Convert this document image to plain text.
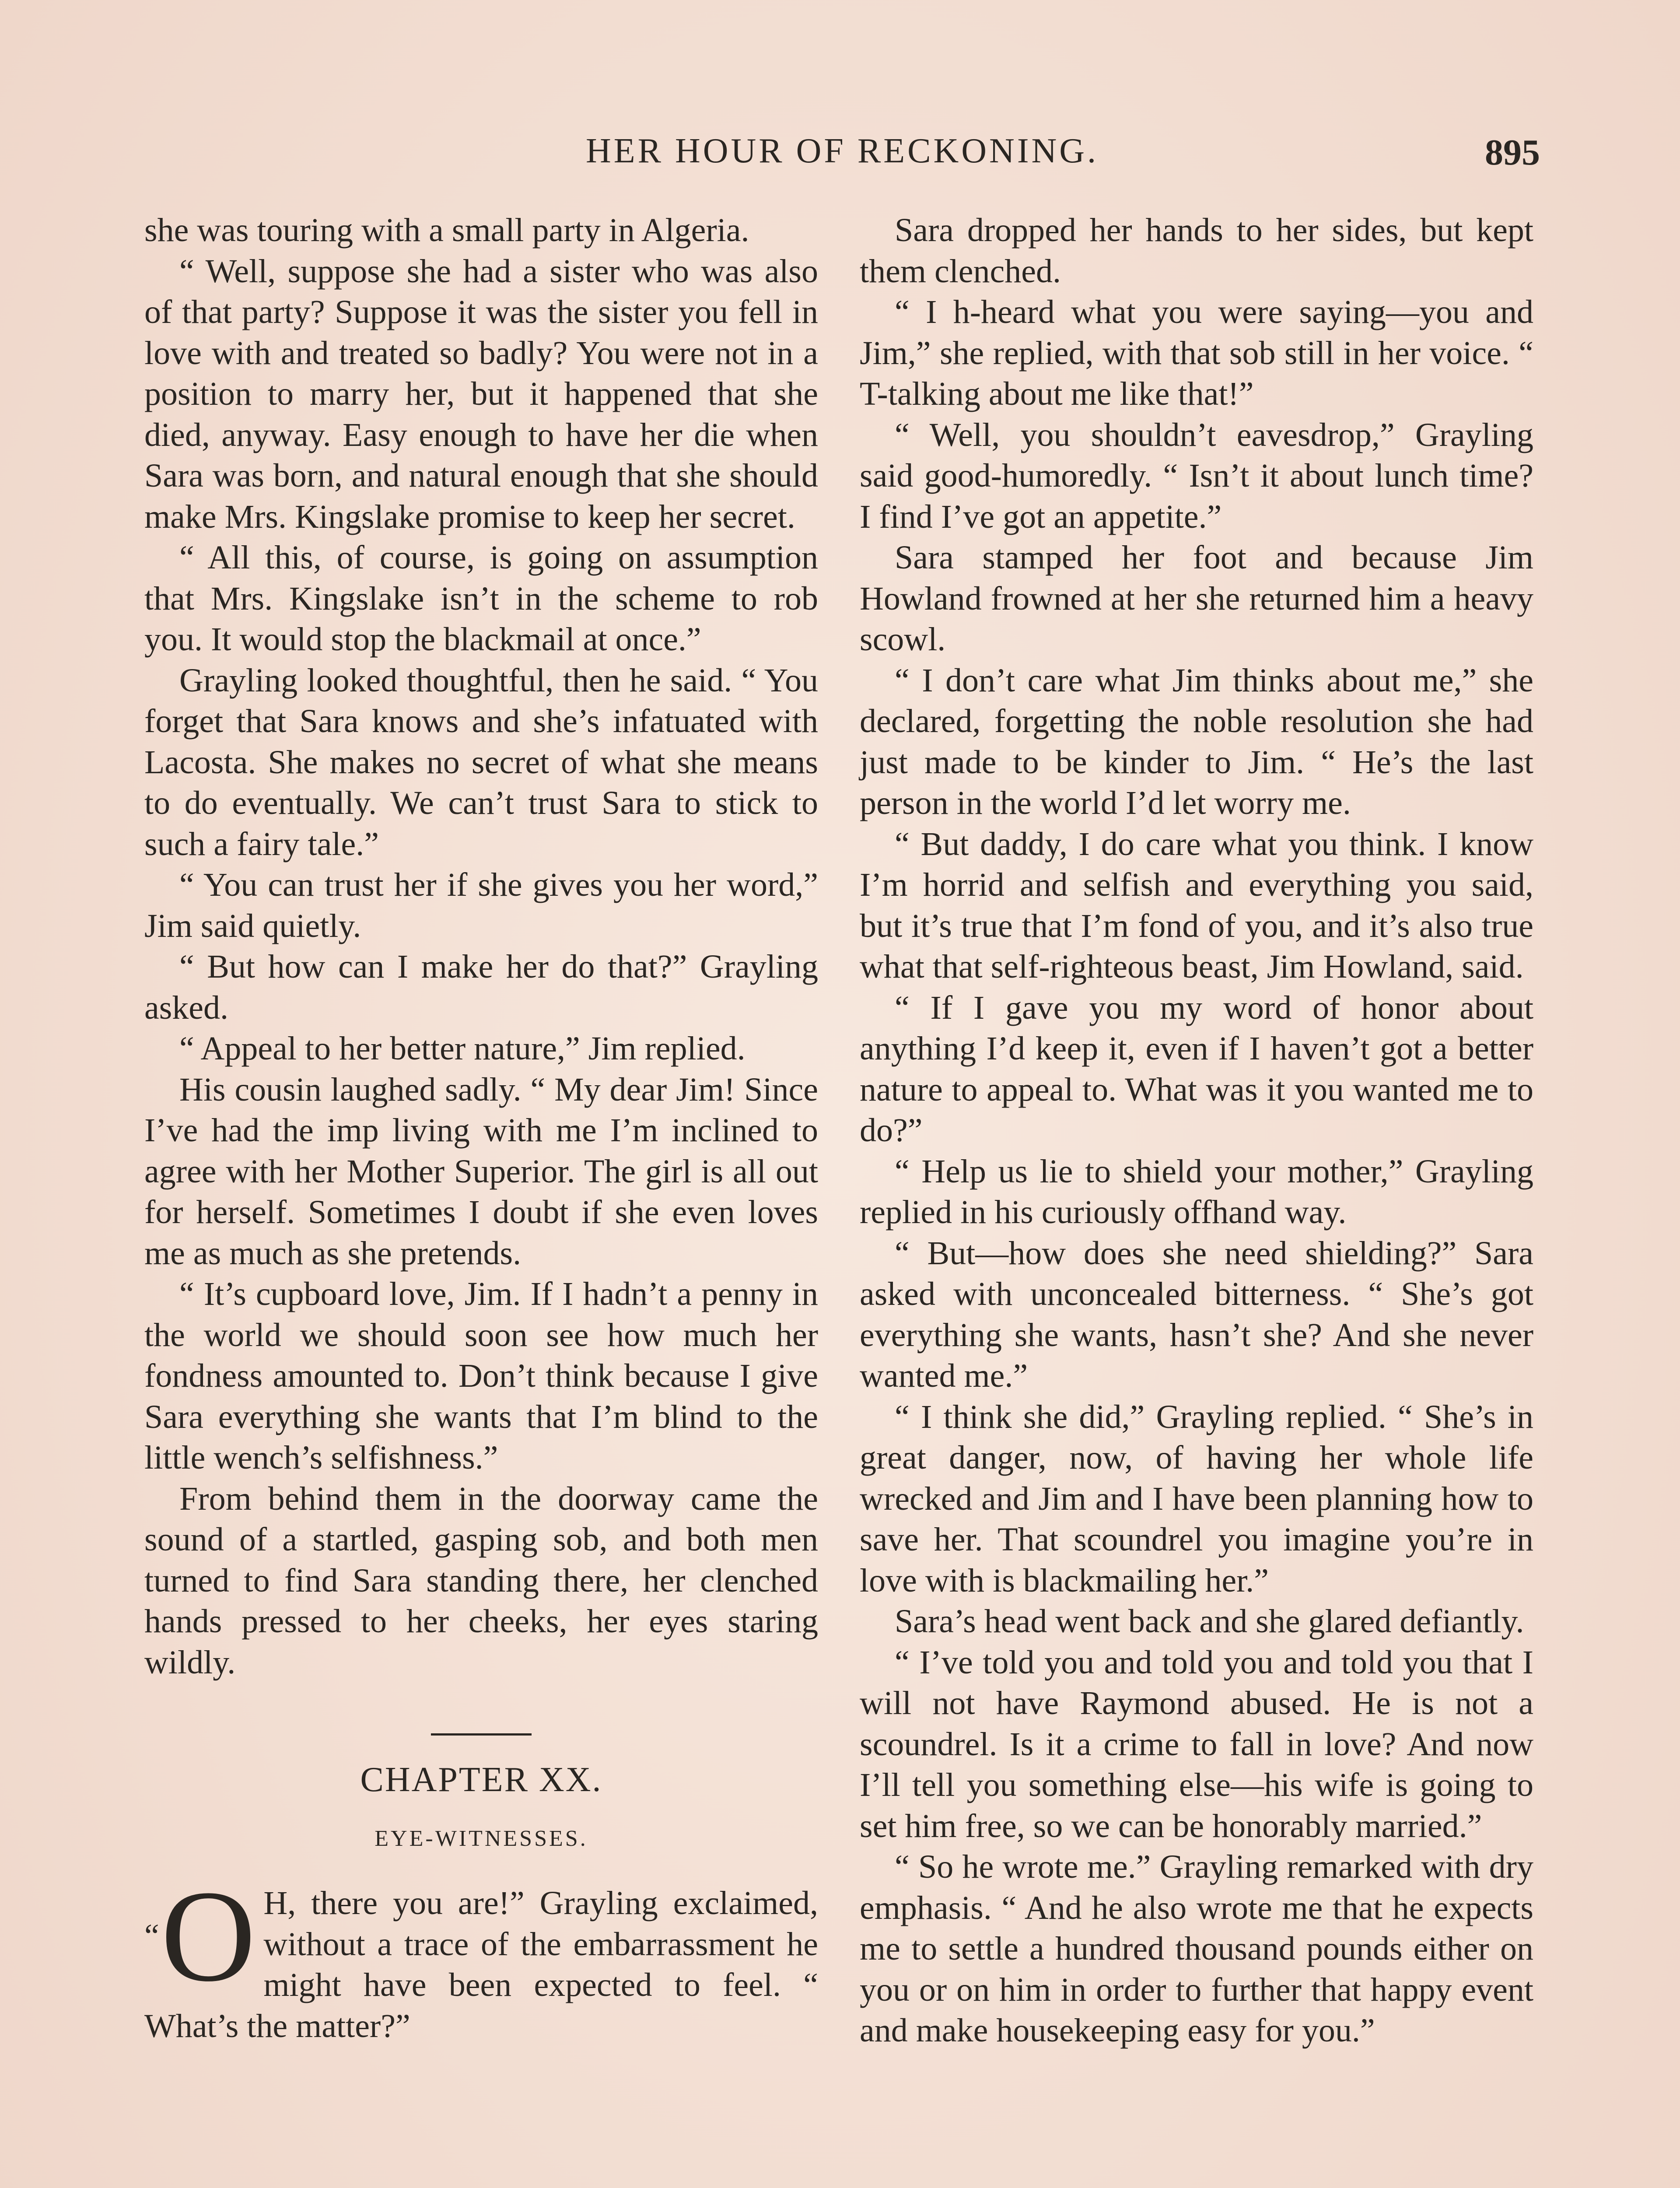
HER HOUR OF RECKONING.	895

she was touring with a small party in Algeria.

“ Well, suppose she had a sister who was also of that party? Suppose it was the sister you fell in love with and treated so badly? You were not in a position to marry her, but it happened that she died, anyway. Easy enough to have her die when Sara was born, and natural enough that she should make Mrs. Kingslake promise to keep her secret.

“ All this, of course, is going on assumption that Mrs. Kingslake isn’t in the scheme to rob you. It would stop the blackmail at once.”

Grayling looked thoughtful, then he said. “ You forget that Sara knows and she’s infatuated with Lacosta. She makes no secret of what she means to do eventually. We can’t trust Sara to stick to such a fairy tale.”

“ You can trust her if she gives you her word,” Jim said quietly.

“ But how can I make her do that?” Grayling asked.

“ Appeal to her better nature,” Jim replied.

His cousin laughed sadly. “ My dear Jim! Since I’ve had the imp living with me I’m inclined to agree with her Mother Superior. The girl is all out for herself. Sometimes I doubt if she even loves me as much as she pretends.

“ It’s cupboard love, Jim. If I hadn’t a penny in the world we should soon see how much her fondness amounted to. Don’t think because I give Sara everything she wants that I’m blind to the little wench’s selfishness.”

From behind them in the doorway came the sound of a startled, gasping sob, and both men turned to find Sara standing there, her clenched hands pressed to her cheeks, her eyes staring wildly.

CHAPTER XX.
EYE-WITNESSES.

“O H, there you are!” Grayling exclaimed, without a trace of the embarrassment he might have been expected to feel. “ What’s the matter?”

Sara dropped her hands to her sides, but kept them clenched.

“ I h-heard what you were saying—you and Jim,” she replied, with that sob still in her voice. “ T-talking about me like that!”

“ Well, you shouldn’t eavesdrop,” Grayling said good-humoredly. “ Isn’t it about lunch time? I find I’ve got an appetite.”

Sara stamped her foot and because Jim Howland frowned at her she returned him a heavy scowl.

“ I don’t care what Jim thinks about me,” she declared, forgetting the noble resolution she had just made to be kinder to Jim. “ He’s the last person in the world I’d let worry me.

“ But daddy, I do care what you think. I know I’m horrid and selfish and everything you said, but it’s true that I’m fond of you, and it’s also true what that self-righteous beast, Jim Howland, said.

“ If I gave you my word of honor about anything I’d keep it, even if I haven’t got a better nature to appeal to. What was it you wanted me to do?”

“ Help us lie to shield your mother,” Grayling replied in his curiously offhand way.

“ But—how does she need shielding?” Sara asked with unconcealed bitterness. “ She’s got everything she wants, hasn’t she? And she never wanted me.”

“ I think she did,” Grayling replied. “ She’s in great danger, now, of having her whole life wrecked and Jim and I have been planning how to save her. That scoundrel you imagine you’re in love with is blackmailing her.”

Sara’s head went back and she glared defiantly.

“ I’ve told you and told you and told you that I will not have Raymond abused. He is not a scoundrel. Is it a crime to fall in love? And now I’ll tell you something else—his wife is going to set him free, so we can be honorably married.”

“ So he wrote me.” Grayling remarked with dry emphasis. “ And he also wrote me that he expects me to settle a hundred thousand pounds either on you or on him in order to further that happy event and make housekeeping easy for you.”
